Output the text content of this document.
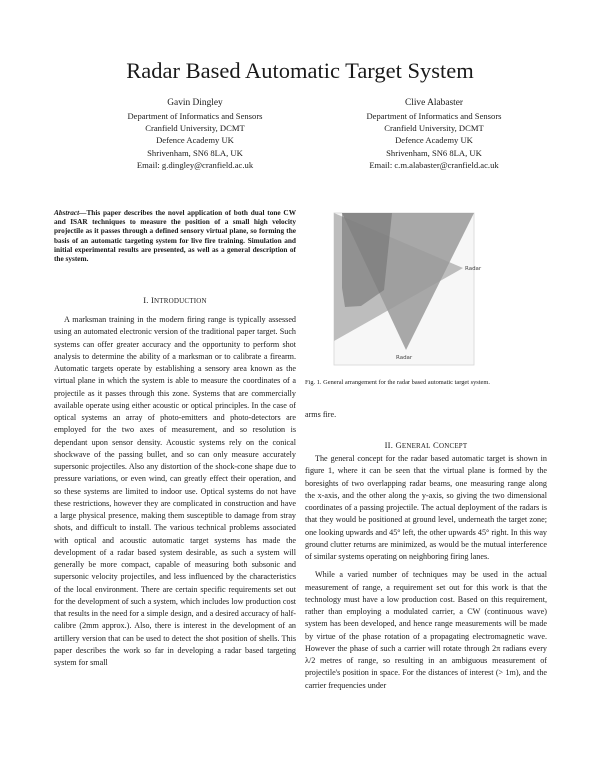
Radar Based Automatic Target System
Gavin Dingley
Department of Informatics and Sensors
Cranfield University, DCMT
Defence Academy UK
Shrivenham, SN6 8LA, UK
Email: g.dingley@cranfield.ac.uk
Clive Alabaster
Department of Informatics and Sensors
Cranfield University, DCMT
Defence Academy UK
Shrivenham, SN6 8LA, UK
Email: c.m.alabaster@cranfield.ac.uk
Abstract—This paper describes the novel application of both dual tone CW and ISAR techniques to measure the position of a small high velocity projectile as it passes through a defined sensory virtual plane, so forming the basis of an automatic targeting system for live fire training. Simulation and initial experimental results are presented, as well as a general description of the system.
I. INTRODUCTION

A marksman training in the modern firing range is typically assessed using an automated electronic version of the traditional paper target. Such systems can offer greater accuracy and the opportunity to perform shot analysis to determine the ability of a marksman or to calibrate a firearm. Automatic targets operate by establishing a sensory area known as the virtual plane in which the system is able to measure the coordinates of a projectile as it passes through this zone. Systems that are commercially available operate using either acoustic or optical principles. In the case of optical systems an array of photo-emitters and photo-detectors are employed for the two axes of measurement, and so resolution is dependant upon sensor density. Acoustic systems rely on the conical shockwave of the passing bullet, and so can only measure accurately supersonic projectiles. Also any distortion of the shock-cone shape due to pressure variations, or even wind, can greatly effect their operation, and so these systems are limited to indoor use. Optical systems do not have these restrictions, however they are complicated in construction and have a large physical presence, making them susceptible to damage from stray shots, and difficult to install. The various technical problems associated with optical and acoustic automatic target systems has made the development of a radar based system desirable, as such a system will generally be more compact, capable of measuring both subsonic and supersonic velocity projectiles, and less influenced by the characteristics of the local environment. There are certain specific requirements set out for the development of such a system, which includes low production cost that results in the need for a simple design, and a desired accuracy of half-calibre (2mm approx.). Also, there is interest in the development of an artillery version that can be used to detect the shot position of shells. This paper describes the work so far in developing a radar based targeting system for small

Radar
Radar
Fig. 1. General arrangement for the radar based automatic target system.
arms fire.
II. GENERAL CONCEPT

The general concept for the radar based automatic target is shown in figure 1, where it can be seen that the virtual plane is formed by the boresights of two overlapping radar beams, one measuring range along the x-axis, and the other along the y-axis, so giving the two dimensional coordinates of a passing projectile. The actual deployment of the radars is that they would be positioned at ground level, underneath the target zone; one looking upwards and 45° left, the other upwards 45° right. In this way ground clutter returns are minimized, as would be the mutual interference of similar systems operating on neighboring firing lanes.

While a varied number of techniques may be used in the actual measurement of range, a requirement set out for this work is that the technology must have a low production cost. Based on this requirement, rather than employing a modulated carrier, a CW (continuous wave) system has been developed, and hence range measurements will be made by virtue of the phase rotation of a propagating electromagnetic wave. However the phase of such a carrier will rotate through 2π radians every λ/2 metres of range, so resulting in an ambiguous measurement of projectile's position in space. For the distances of interest (> 1m), and the carrier frequencies under
